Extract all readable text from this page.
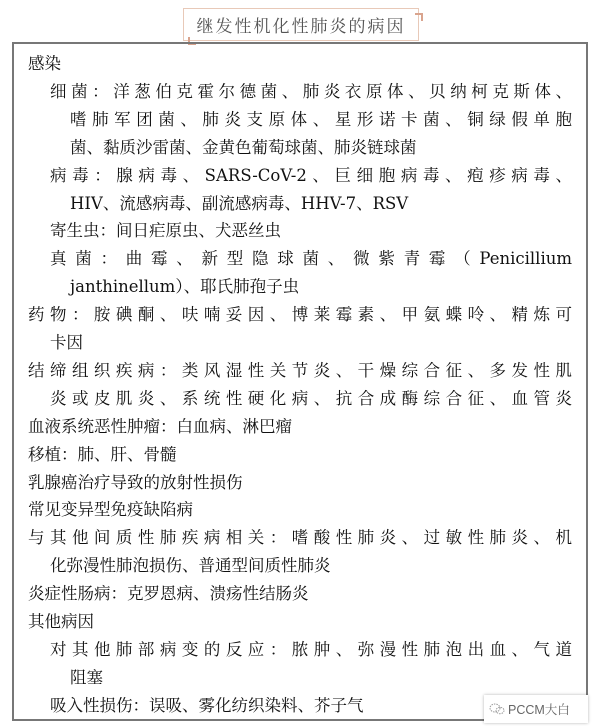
继发性机化性肺炎的病因
感染
细菌：洋葱伯克霍尔德菌、肺炎衣原体、贝纳柯克斯体、
嗜肺军团菌、肺炎支原体、星形诺卡菌、铜绿假单胞
菌、黏质沙雷菌、金黄色葡萄球菌、肺炎链球菌
病毒：腺病毒、SARS-CoV-2、巨细胞病毒、疱疹病毒、
HIV、流感病毒、副流感病毒、HHV-7、RSV
寄生虫：间日疟原虫、犬恶丝虫
真菌：曲霉、新型隐球菌、微紫青霉（Penicillium
janthinellum）、耶氏肺孢子虫
药物：胺碘酮、呋喃妥因、博莱霉素、甲氨蝶呤、精炼可
卡因
结缔组织疾病：类风湿性关节炎、干燥综合征、多发性肌
炎或皮肌炎、系统性硬化病、抗合成酶综合征、血管炎
血液系统恶性肿瘤：白血病、淋巴瘤
移植：肺、肝、骨髓
乳腺癌治疗导致的放射性损伤
常见变异型免疫缺陷病
与其他间质性肺疾病相关：嗜酸性肺炎、过敏性肺炎、机
化弥漫性肺泡损伤、普通型间质性肺炎
炎症性肠病：克罗恩病、溃疡性结肠炎
其他病因
对其他肺部病变的反应：脓肿、弥漫性肺泡出血、气道
阻塞
吸入性损伤：误吸、雾化纺织染料、芥子气	PCCM大白
